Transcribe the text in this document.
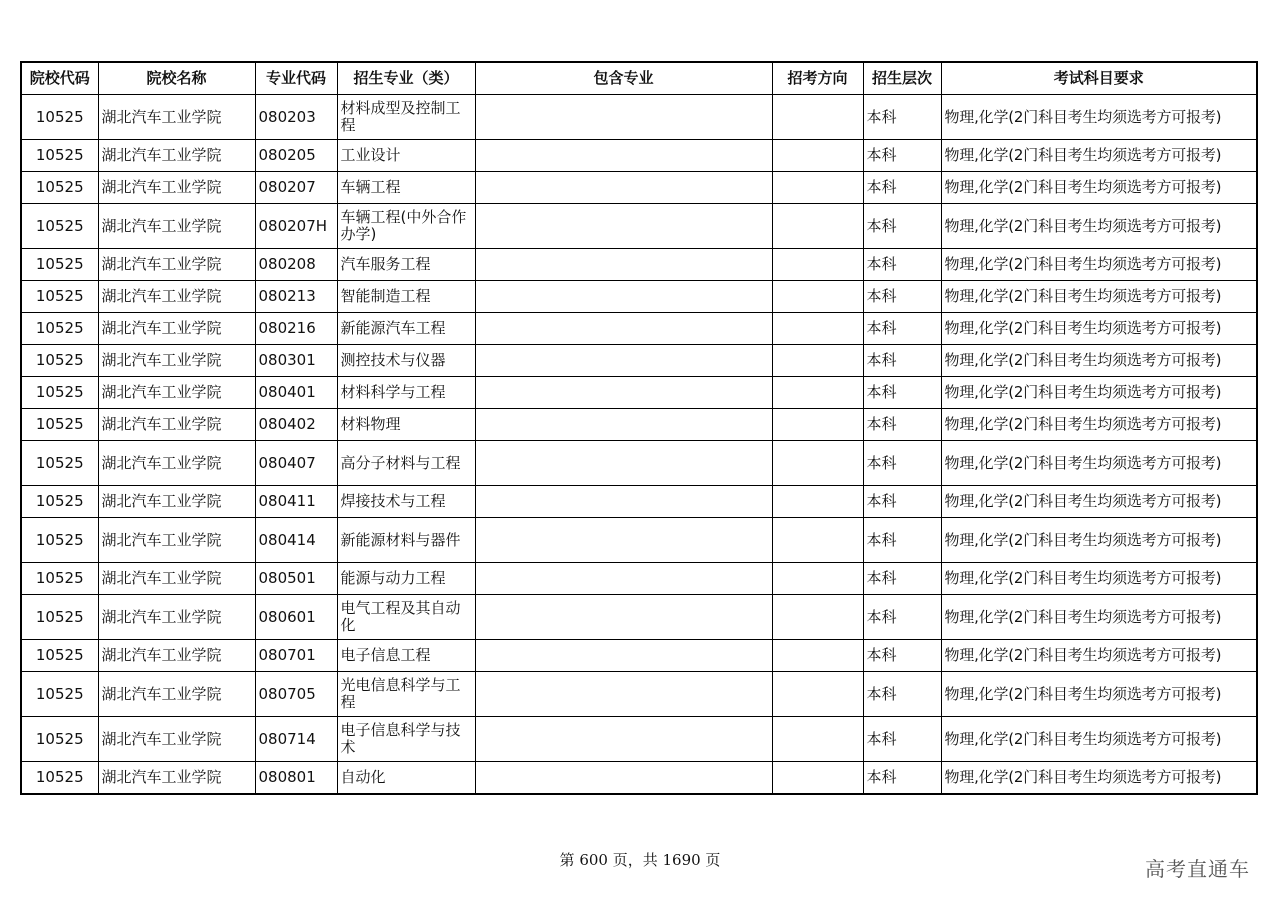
院校代码	院校名称	专业代码	招生专业（类）	包含专业	招考方向	招生层次	考试科目要求
10525	湖北汽车工业学院	080203	材料成型及控制工程			本科	物理,化学(2门科目考生均须选考方可报考)
10525	湖北汽车工业学院	080205	工业设计			本科	物理,化学(2门科目考生均须选考方可报考)
10525	湖北汽车工业学院	080207	车辆工程			本科	物理,化学(2门科目考生均须选考方可报考)
10525	湖北汽车工业学院	080207H	车辆工程(中外合作办学)			本科	物理,化学(2门科目考生均须选考方可报考)
10525	湖北汽车工业学院	080208	汽车服务工程			本科	物理,化学(2门科目考生均须选考方可报考)
10525	湖北汽车工业学院	080213	智能制造工程			本科	物理,化学(2门科目考生均须选考方可报考)
10525	湖北汽车工业学院	080216	新能源汽车工程			本科	物理,化学(2门科目考生均须选考方可报考)
10525	湖北汽车工业学院	080301	测控技术与仪器			本科	物理,化学(2门科目考生均须选考方可报考)
10525	湖北汽车工业学院	080401	材料科学与工程			本科	物理,化学(2门科目考生均须选考方可报考)
10525	湖北汽车工业学院	080402	材料物理			本科	物理,化学(2门科目考生均须选考方可报考)
10525	湖北汽车工业学院	080407	高分子材料与工程			本科	物理,化学(2门科目考生均须选考方可报考)
10525	湖北汽车工业学院	080411	焊接技术与工程			本科	物理,化学(2门科目考生均须选考方可报考)
10525	湖北汽车工业学院	080414	新能源材料与器件			本科	物理,化学(2门科目考生均须选考方可报考)
10525	湖北汽车工业学院	080501	能源与动力工程			本科	物理,化学(2门科目考生均须选考方可报考)
10525	湖北汽车工业学院	080601	电气工程及其自动化			本科	物理,化学(2门科目考生均须选考方可报考)
10525	湖北汽车工业学院	080701	电子信息工程			本科	物理,化学(2门科目考生均须选考方可报考)
10525	湖北汽车工业学院	080705	光电信息科学与工程			本科	物理,化学(2门科目考生均须选考方可报考)
10525	湖北汽车工业学院	080714	电子信息科学与技术			本科	物理,化学(2门科目考生均须选考方可报考)
10525	湖北汽车工业学院	080801	自动化			本科	物理,化学(2门科目考生均须选考方可报考)
第 600 页，共 1690 页	高考直通车
